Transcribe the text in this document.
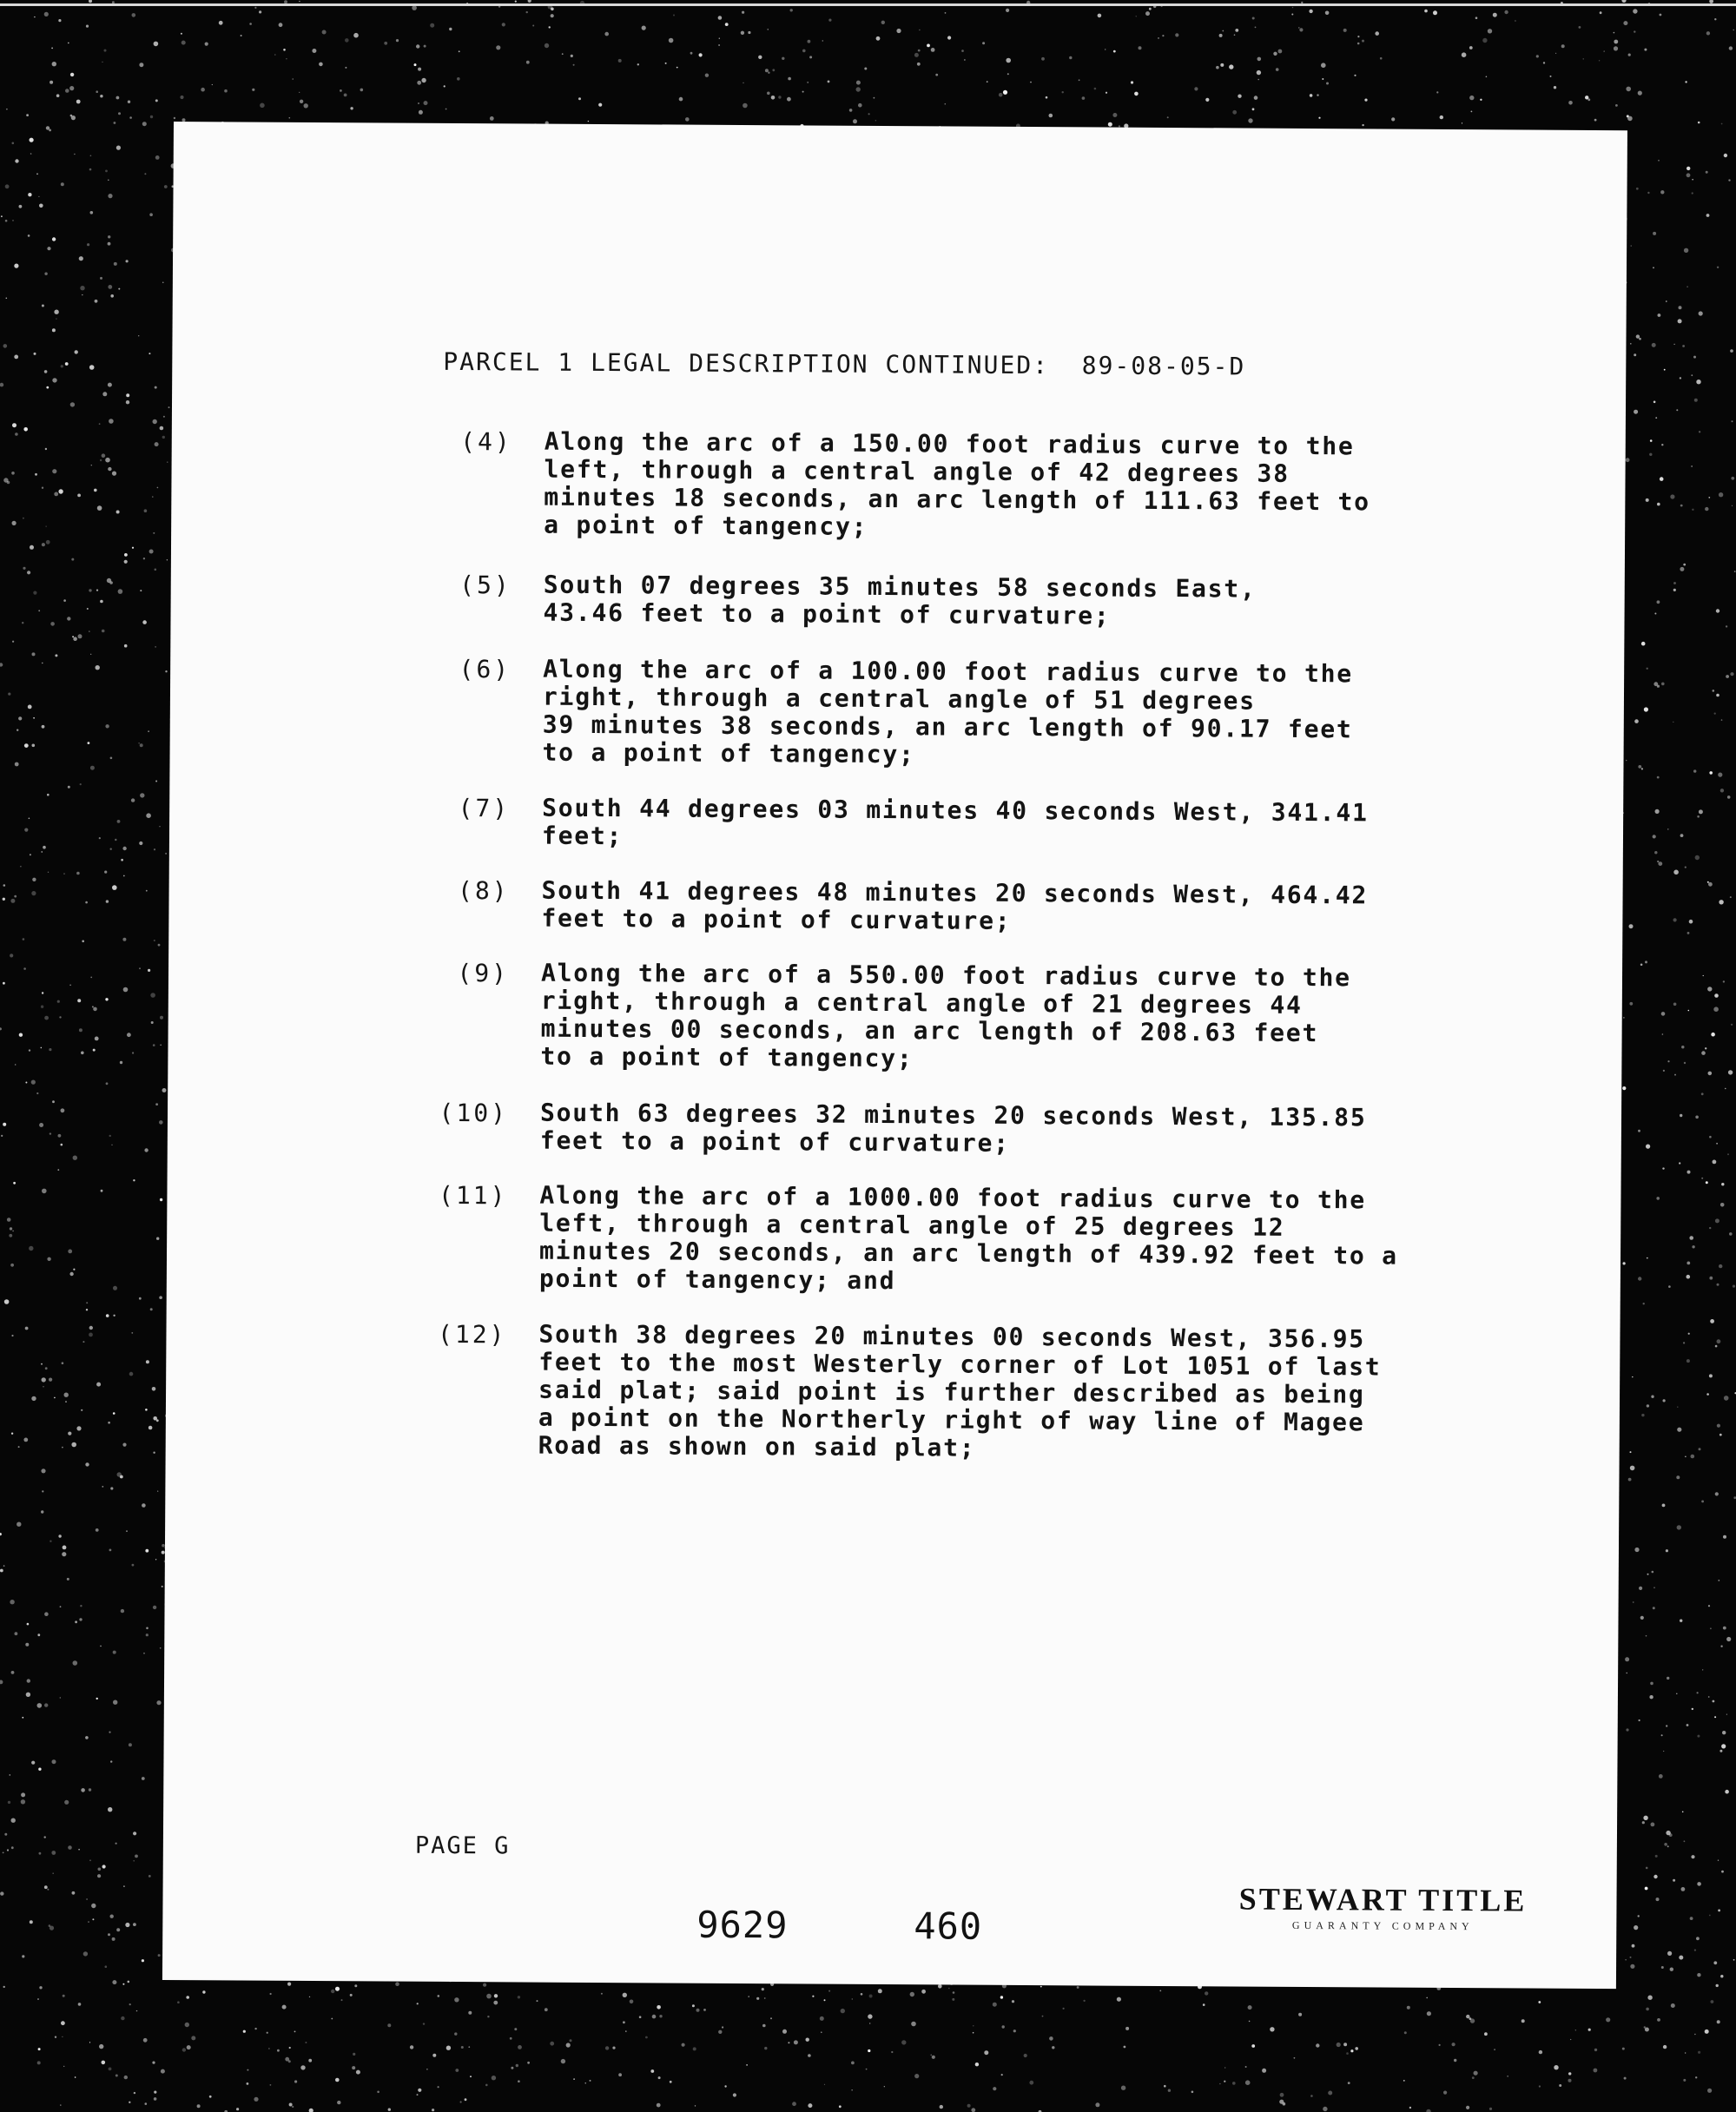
PARCEL 1 LEGAL DESCRIPTION CONTINUED:  89-08-05-D
(4) Along the arc of a 150.00 foot radius curve to the
left, through a central angle of 42 degrees 38
minutes 18 seconds, an arc length of 111.63 feet to
a point of tangency;
(5) South 07 degrees 35 minutes 58 seconds East,
43.46 feet to a point of curvature;
(6) Along the arc of a 100.00 foot radius curve to the
right, through a central angle of 51 degrees
39 minutes 38 seconds, an arc length of 90.17 feet
to a point of tangency;
(7) South 44 degrees 03 minutes 40 seconds West, 341.41
feet;
(8) South 41 degrees 48 minutes 20 seconds West, 464.42
feet to a point of curvature;
(9) Along the arc of a 550.00 foot radius curve to the
right, through a central angle of 21 degrees 44
minutes 00 seconds, an arc length of 208.63 feet
to a point of tangency;
(10) South 63 degrees 32 minutes 20 seconds West, 135.85
feet to a point of curvature;
(11) Along the arc of a 1000.00 foot radius curve to the
left, through a central angle of 25 degrees 12
minutes 20 seconds, an arc length of 439.92 feet to a
point of tangency; and
(12) South 38 degrees 20 minutes 00 seconds West, 356.95
feet to the most Westerly corner of Lot 1051 of last
said plat; said point is further described as being
a point on the Northerly right of way line of Magee
Road as shown on said plat;
PAGE G
9629	460
STEWART TITLE
GUARANTY COMPANY
